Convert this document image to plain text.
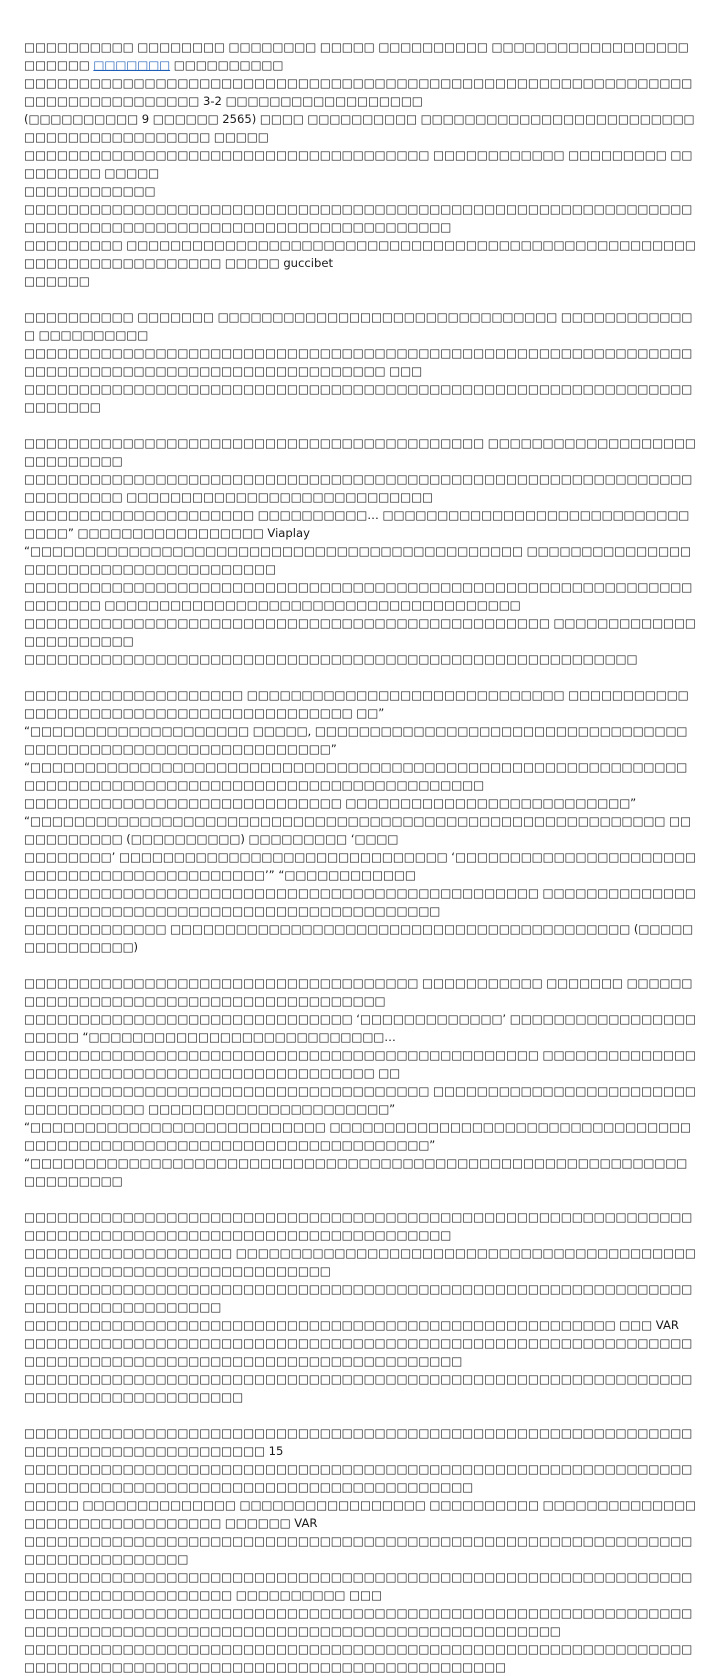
□□□□□□□□□□ □□□□□□□□ □□□□□□□□ □□□□□ □□□□□□□□□□ □□□□□□□□□□□□□□□□□□ □□□□□□ □□□□□□□ □□□□□□□□□□
□□□□□□□□□□□□□□□□□□□□□□□□□□□□□□□□□□□□□□□□□□□□□□□□□□□□□□□□□□□□□□□□□□□□□□□□□□□□□ 3-2 □□□□□□□□□□□□□□□□□□
(□□□□□□□□□□ 9 □□□□□□ 2565) □□□□ □□□□□□□□□□ □□□□□□□□□□□□□□□□□□□□□□□□□□□□□□□□□□□□□□□□□□ □□□□□
□□□□□□□□□□□□□□□□□□□□□□□□□□□□□□□□□□□□□ □□□□□□□□□□□□ □□□□□□□□□ □□□□□□□□□ □□□□□
□□□□□□□□□□□□
□□□□□□□□□□□□□□□□□□□□□□□□□□□□□□□□□□□□□□□□□□□□□□□□□□□□□□□□□□□□□□□□□□□□□□□□□□□□□□□□□□□□□□□□□□□□□□□□□□□□
□□□□□□□□□ □□□□□□□□□□□□□□□□□□□□□□□□□□□□□□□□□□□□□□□□□□□□□□□□□□□□□□□□□□□□□□□□□□□□□□ □□□□□ guccibet
□□□□□□

□□□□□□□□□□ □□□□□□□ □□□□□□□□□□□□□□□□□□□□□□□□□□□□□□□ □□□□□□□□□□□□□ □□□□□□□□□□
□□□□□□□□□□□□□□□□□□□□□□□□□□□□□□□□□□□□□□□□□□□□□□□□□□□□□□□□□□□□□□□□□□□□□□□□□□□□□□□□□□□□□□□□□□□□□□ □□□
□□□□□□□□□□□□□□□□□□□□□□□□□□□□□□□□□□□□□□□□□□□□□□□□□□□□□□□□□□□□□□□□□□□□

□□□□□□□□□□□□□□□□□□□□□□□□□□□□□□□□□□□□□□□□□□ □□□□□□□□□□□□□□□□□□□□□□□□□□□□
□□□□□□□□□□□□□□□□□□□□□□□□□□□□□□□□□□□□□□□□□□□□□□□□□□□□□□□□□□□□□□□□□□□□□□ □□□□□□□□□□□□□□□□□□□□□□□□□□□□
□□□□□□□□□□□□□□□□□□□□□ □□□□□□□□□□… □□□□□□□□□□□□□□□□□□□□□□□□□□□□□□□□” □□□□□□□□□□□□□□□□□ Viaplay
“□□□□□□□□□□□□□□□□□□□□□□□□□□□□□□□□□□□□□□□□□□□□□ □□□□□□□□□□□□□□□□□□□□□□□□□□□□□□□□□□□□□□
□□□□□□□□□□□□□□□□□□□□□□□□□□□□□□□□□□□□□□□□□□□□□□□□□□□□□□□□□□□□□□□□□□□□ □□□□□□□□□□□□□□□□□□□□□□□□□□□□□□□□□□□□□□
□□□□□□□□□□□□□□□□□□□□□□□□□□□□□□□□□□□□□□□□□□□□□□□□ □□□□□□□□□□□□□□□□□□□□□□□
□□□□□□□□□□□□□□□□□□□□□□□□□□□□□□□□□□□□□□□□□□□□□□□□□□□□□□□□

□□□□□□□□□□□□□□□□□□□□ □□□□□□□□□□□□□□□□□□□□□□□□□□□□□ □□□□□□□□□□□□□□□□□□□□□□□□□□□□□□□□□□□□□□□□□ □□”
“□□□□□□□□□□□□□□□□□□□□ □□□□□, □□□□□□□□□□□□□□□□□□□□□□□□□□□□□□□□□□□□□□□□□□□□□□□□□□□□□□□□□□□□□□”
“□□□□□□□□□□□□□□□□□□□□□□□□□□□□□□□□□□□□□□□□□□□□□□□□□□□□□□□□□□□□□□□□□□□□□□□□□□□□□□□□□□□□□□□□□□□□□□□□□□□□□□
□□□□□□□□□□□□□□□□□□□□□□□□□□□□□ □□□□□□□□□□□□□□□□□□□□□□□□□□”
“□□□□□□□□□□□□□□□□□□□□□□□□□□□□□□□□□□□□□□□□□□□□□□□□□□□□□□□□□□ □□□□□□□□□□□ (□□□□□□□□□□) □□□□□□□□□ ‘□□□□
□□□□□□□□’ □□□□□□□□□□□□□□□□□□□□□□□□□□□□□□ ‘□□□□□□□□□□□□□□□□□□□□□□□□□□□□□□□□□□□□□□□□□□□□’” “□□□□□□□□□□□□
□□□□□□□□□□□□□□□□□□□□□□□□□□□□□□□□□□□□□□□□□□□□□□□ □□□□□□□□□□□□□□□□□□□□□□□□□□□□□□□□□□□□□□□□□□□□□□□□□□□□
□□□□□□□□□□□□□ □□□□□□□□□□□□□□□□□□□□□□□□□□□□□□□□□□□□□□□□□□ (□□□□□□□□□□□□□□□)

□□□□□□□□□□□□□□□□□□□□□□□□□□□□□□□□□□□□ □□□□□□□□□□□ □□□□□□□ □□□□□□□□□□□□□□□□□□□□□□□□□□□□□□□□□□□□□□□
□□□□□□□□□□□□□□□□□□□□□□□□□□□□□□ ‘□□□□□□□□□□□□□’ □□□□□□□□□□□□□□□□□□□□□□ “□□□□□□□□□□□□□□□□□□□□□□□□□□□…
□□□□□□□□□□□□□□□□□□□□□□□□□□□□□□□□□□□□□□□□□□□□□□□ □□□□□□□□□□□□□□□□□□□□□□□□□□□□□□□□□□□□□□□□□□□□□□ □□
□□□□□□□□□□□□□□□□□□□□□□□□□□□□□□□□□□□□□ □□□□□□□□□□□□□□□□□□□□□□□□□□□□□□□□□□□ □□□□□□□□□□□□□□□□□□□□□□”
“□□□□□□□□□□□□□□□□□□□□□□□□□□□ □□□□□□□□□□□□□□□□□□□□□□□□□□□□□□□□□□□□□□□□□□□□□□□□□□□□□□□□□□□□□□□□□□□□□□”
“□□□□□□□□□□□□□□□□□□□□□□□□□□□□□□□□□□□□□□□□□□□□□□□□□□□□□□□□□□□□□□□□□□□□□

□□□□□□□□□□□□□□□□□□□□□□□□□□□□□□□□□□□□□□□□□□□□□□□□□□□□□□□□□□□□□□□□□□□□□□□□□□□□□□□□□□□□□□□□□□□□□□□□□□□□
□□□□□□□□□□□□□□□□□□□ □□□□□□□□□□□□□□□□□□□□□□□□□□□□□□□□□□□□□□□□□□□□□□□□□□□□□□□□□□□□□□□□□□□□□□
□□□□□□□□□□□□□□□□□□□□□□□□□□□□□□□□□□□□□□□□□□□□□□□□□□□□□□□□□□□□□□□□□□□□□□□□□□□□□□□
□□□□□□□□□□□□□□□□□□□□□□□□□□□□□□□□□□□□□□□□□□□□□□□□□□□□□□ □□□ VAR
□□□□□□□□□□□□□□□□□□□□□□□□□□□□□□□□□□□□□□□□□□□□□□□□□□□□□□□□□□□□□□□□□□□□□□□□□□□□□□□□□□□□□□□□□□□□□□□□□□□□□
□□□□□□□□□□□□□□□□□□□□□□□□□□□□□□□□□□□□□□□□□□□□□□□□□□□□□□□□□□□□□□□□□□□□□□□□□□□□□□□□□

□□□□□□□□□□□□□□□□□□□□□□□□□□□□□□□□□□□□□□□□□□□□□□□□□□□□□□□□□□□□□□□□□□□□□□□□□□□□□□□□□□□ 15
□□□□□□□□□□□□□□□□□□□□□□□□□□□□□□□□□□□□□□□□□□□□□□□□□□□□□□□□□□□□□□□□□□□□□□□□□□□□□□□□□□□□□□□□□□□□□□□□□□□□□□
□□□□□ □□□□□□□□□□□□□□ □□□□□□□□□□□□□□□□□ □□□□□□□□□□ □□□□□□□□□□□□□□□□□□□□□□□□□□□□□□□□ □□□□□□ VAR
□□□□□□□□□□□□□□□□□□□□□□□□□□□□□□□□□□□□□□□□□□□□□□□□□□□□□□□□□□□□□□□□□□□□□□□□□□□□
□□□□□□□□□□□□□□□□□□□□□□□□□□□□□□□□□□□□□□□□□□□□□□□□□□□□□□□□□□□□□□□□□□□□□□□□□□□□□□□□ □□□□□□□□□□ □□□
□□□□□□□□□□□□□□□□□□□□□□□□□□□□□□□□□□□□□□□□□□□□□□□□□□□□□□□□□□□□□□□□□□□□□□□□□□□□□□□□□□□□□□□□□□□□□□□□□□□□□□□□□□□□□□
□□□□□□□□□□□□□□□□□□□□□□□□□□□□□□□□□□□□□□□□□□□□□□□□□□□□□□□□□□□□□□□□□□□□□□□□□□□□□□□□□□□□□□□□□□□□□□□□□□□□□□□□□
